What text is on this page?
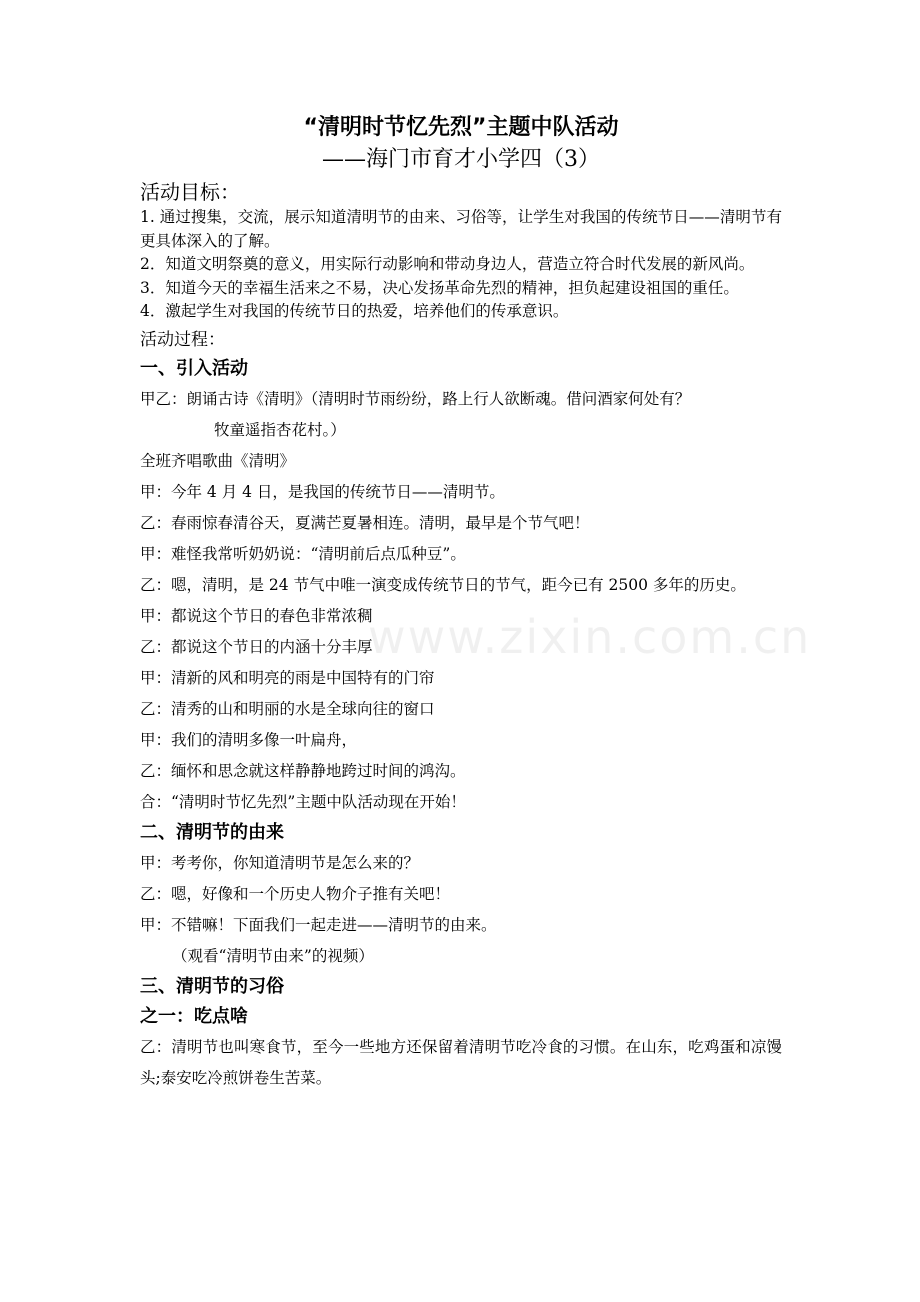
www.zixin.com.cn

“清明时节忆先烈”主题中队活动

——海门市育才小学四（3）

活动目标：

1. 通过搜集，交流，展示知道清明节的由来、习俗等，让学生对我国的传统节日——清明节有更具体深入的了解。

2．知道文明祭奠的意义，用实际行动影响和带动身边人，营造立符合时代发展的新风尚。

3．知道今天的幸福生活来之不易，决心发扬革命先烈的精神，担负起建设祖国的重任。

4．激起学生对我国的传统节日的热爱，培养他们的传承意识。

活动过程：

一、引入活动

甲乙：朗诵古诗《清明》（清明时节雨纷纷，路上行人欲断魂。借问酒家何处有？

牧童遥指杏花村。）

全班齐唱歌曲《清明》

甲：今年 4 月 4 日，是我国的传统节日——清明节。

乙：春雨惊春清谷天，夏满芒夏暑相连。清明，最早是个节气吧！

甲：难怪我常听奶奶说：“清明前后点瓜种豆”。

乙：嗯，清明，是 24 节气中唯一演变成传统节日的节气，距今已有 2500 多年的历史。

甲：都说这个节日的春色非常浓稠

乙：都说这个节日的内涵十分丰厚

甲：清新的风和明亮的雨是中国特有的门帘

乙：清秀的山和明丽的水是全球向往的窗口

甲：我们的清明多像一叶扁舟，

乙：缅怀和思念就这样静静地跨过时间的鸿沟。

合：“清明时节忆先烈”主题中队活动现在开始！

二、清明节的由来

甲：考考你，你知道清明节是怎么来的？

乙：嗯，好像和一个历史人物介子推有关吧！

甲：不错嘛！下面我们一起走进——清明节的由来。

（观看“清明节由来”的视频）

三、清明节的习俗

之一：吃点啥

乙：清明节也叫寒食节，至今一些地方还保留着清明节吃冷食的习惯。在山东，吃鸡蛋和凉馒头;泰安吃冷煎饼卷生苦菜。
